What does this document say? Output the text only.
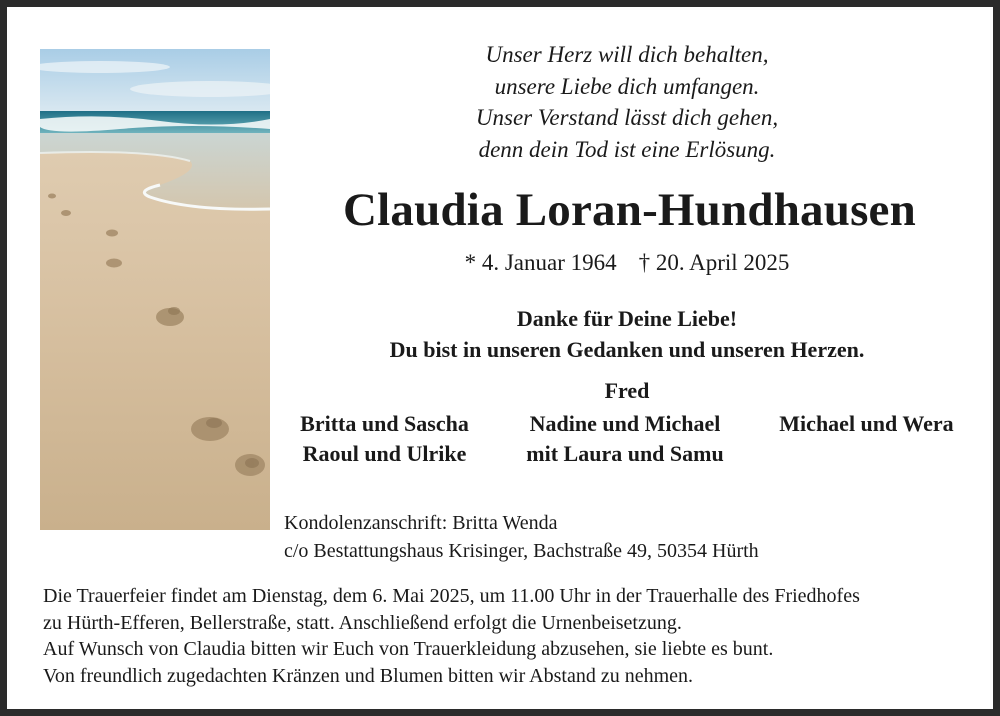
Unser Herz will dich behalten,
unsere Liebe dich umfangen.
Unser Verstand lässt dich gehen,
denn dein Tod ist eine Erlösung.
Claudia Loran-Hundhausen
* 4. Januar 1964 † 20. April 2025
Danke für Deine Liebe!
Du bist in unseren Gedanken und unseren Herzen.
Fred
Britta und Sascha
Raoul und Ulrike
Nadine und Michael
mit Laura und Samu
Michael und Wera
Kondolenzanschrift: Britta Wenda
c/o Bestattungshaus Krisinger, Bachstraße 49, 50354 Hürth
Die Trauerfeier findet am Dienstag, dem 6. Mai 2025, um 11.00 Uhr in der Trauerhalle des Friedhofes
zu Hürth-Efferen, Bellerstraße, statt. Anschließend erfolgt die Urnenbeisetzung.
Auf Wunsch von Claudia bitten wir Euch von Trauerkleidung abzusehen, sie liebte es bunt.
Von freundlich zugedachten Kränzen und Blumen bitten wir Abstand zu nehmen.
